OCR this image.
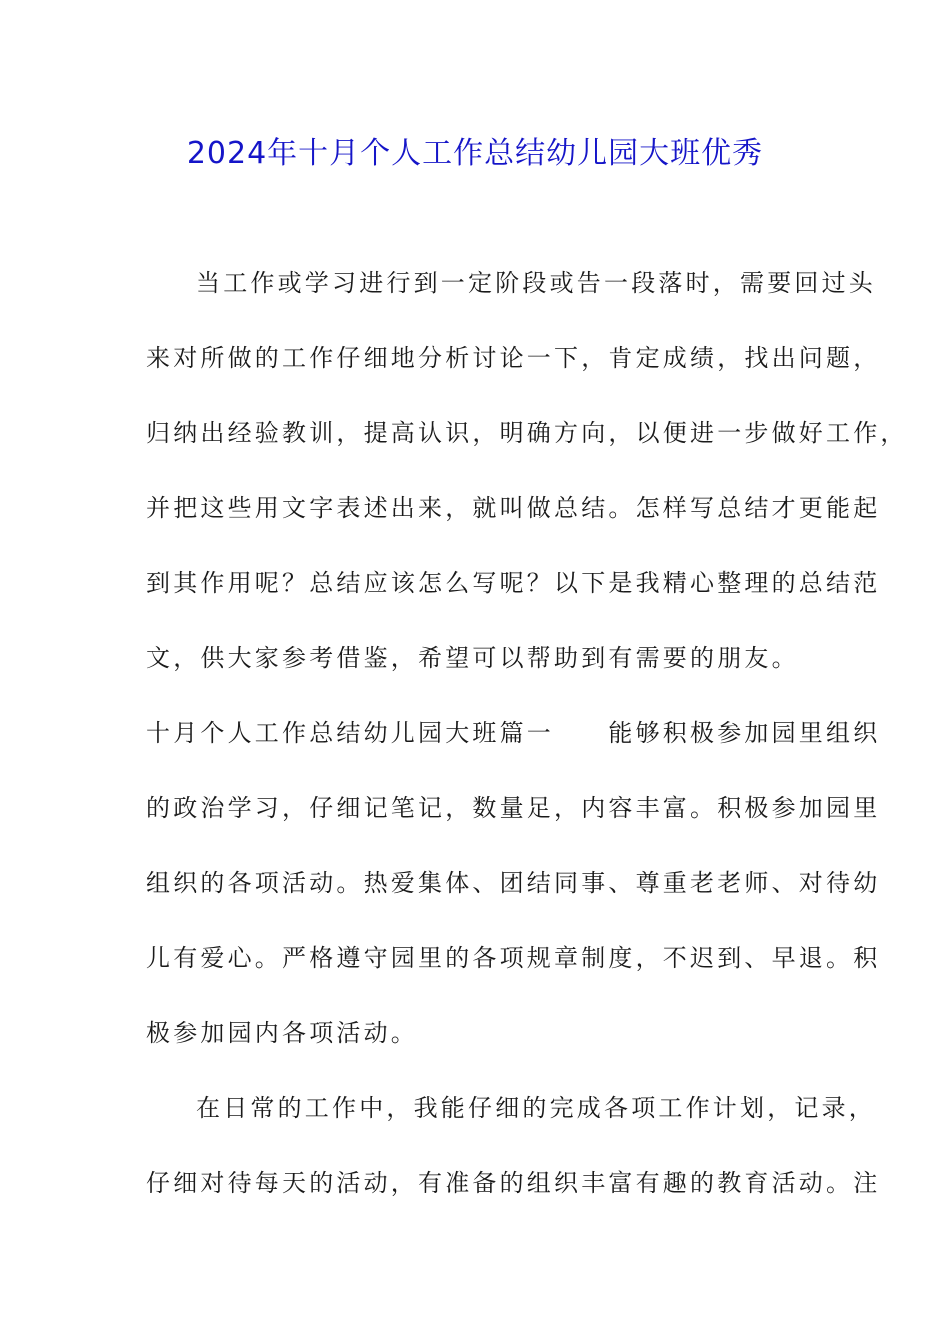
2024年十月个人工作总结幼儿园大班优秀
当工作或学习进行到一定阶段或告一段落时，需要回过头
来对所做的工作仔细地分析讨论一下，肯定成绩，找出问题，
归纳出经验教训，提高认识，明确方向，以便进一步做好工作，
并把这些用文字表述出来，就叫做总结。怎样写总结才更能起
到其作用呢？总结应该怎么写呢？以下是我精心整理的总结范
文，供大家参考借鉴，希望可以帮助到有需要的朋友。
十月个人工作总结幼儿园大班篇一　　能够积极参加园里组织
的政治学习，仔细记笔记，数量足，内容丰富。积极参加园里
组织的各项活动。热爱集体、团结同事、尊重老老师、对待幼
儿有爱心。严格遵守园里的各项规章制度，不迟到、早退。积
极参加园内各项活动。
在日常的工作中，我能仔细的完成各项工作计划，记录，
仔细对待每天的活动，有准备的组织丰富有趣的教育活动。注
